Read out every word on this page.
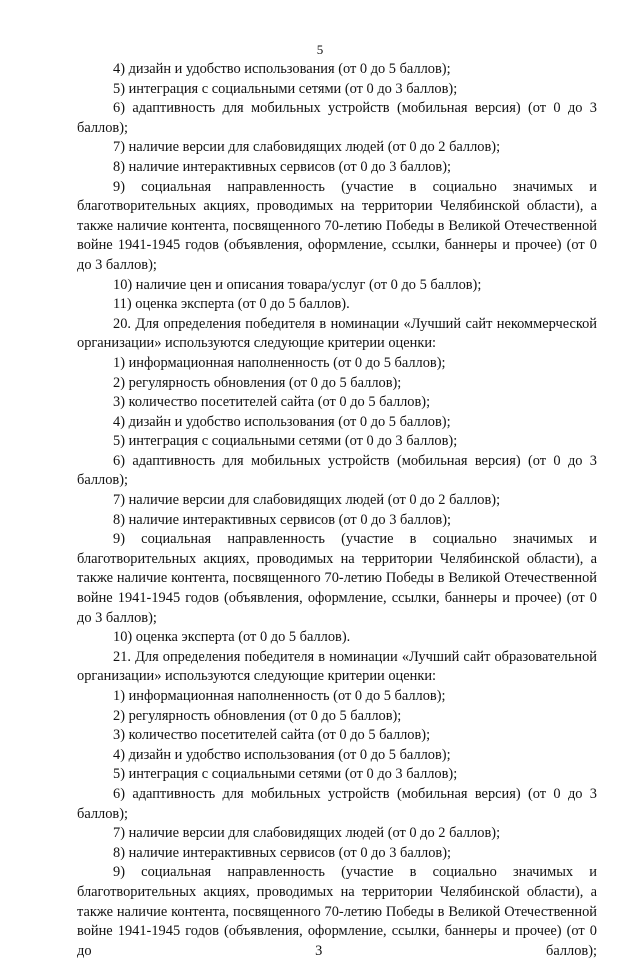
5

4) дизайн и удобство использования (от 0 до 5 баллов);

5) интеграция с социальными сетями (от 0 до 3 баллов);

6) адаптивность для мобильных устройств (мобильная версия) (от 0 до 3 баллов);

7) наличие версии для слабовидящих людей (от 0 до 2 баллов);

8) наличие интерактивных сервисов (от 0 до 3 баллов);

9) социальная направленность (участие в социально значимых и благотворительных акциях, проводимых на территории Челябинской области), а также наличие контента, посвященного 70-летию Победы в Великой Отечественной войне 1941-1945 годов (объявления, оформление, ссылки, баннеры и прочее) (от 0 до 3 баллов);

10) наличие цен и описания товара/услуг (от 0 до 5 баллов);

11) оценка эксперта (от 0 до 5 баллов).

20. Для определения победителя в номинации «Лучший сайт некоммерческой организации» используются следующие критерии оценки:

1) информационная наполненность (от 0 до 5 баллов);

2) регулярность обновления (от 0 до 5 баллов);

3) количество посетителей сайта (от 0 до 5 баллов);

4) дизайн и удобство использования (от 0 до 5 баллов);

5) интеграция с социальными сетями (от 0 до 3 баллов);

6) адаптивность для мобильных устройств (мобильная версия) (от 0 до 3 баллов);

7) наличие версии для слабовидящих людей (от 0 до 2 баллов);

8) наличие интерактивных сервисов (от 0 до 3 баллов);

9) социальная направленность (участие в социально значимых и благотворительных акциях, проводимых на территории Челябинской области), а также наличие контента, посвященного 70-летию Победы в Великой Отечественной войне 1941-1945 годов (объявления, оформление, ссылки, баннеры и прочее) (от 0 до 3 баллов);

10) оценка эксперта (от 0 до 5 баллов).

21. Для определения победителя в номинации «Лучший сайт образовательной организации» используются следующие критерии оценки:

1) информационная наполненность (от 0 до 5 баллов);

2) регулярность обновления (от 0 до 5 баллов);

3) количество посетителей сайта (от 0 до 5 баллов);

4) дизайн и удобство использования (от 0 до 5 баллов);

5) интеграция с социальными сетями (от 0 до 3 баллов);

6) адаптивность для мобильных устройств (мобильная версия) (от 0 до 3 баллов);

7) наличие версии для слабовидящих людей (от 0 до 2 баллов);

8) наличие интерактивных сервисов (от 0 до 3 баллов);

9) социальная направленность (участие в социально значимых и благотворительных акциях, проводимых на территории Челябинской области), а также наличие контента, посвященного 70-летию Победы в Великой Отечественной войне 1941-1945 годов (объявления, оформление, ссылки, баннеры и прочее) (от 0 до 3 баллов);
